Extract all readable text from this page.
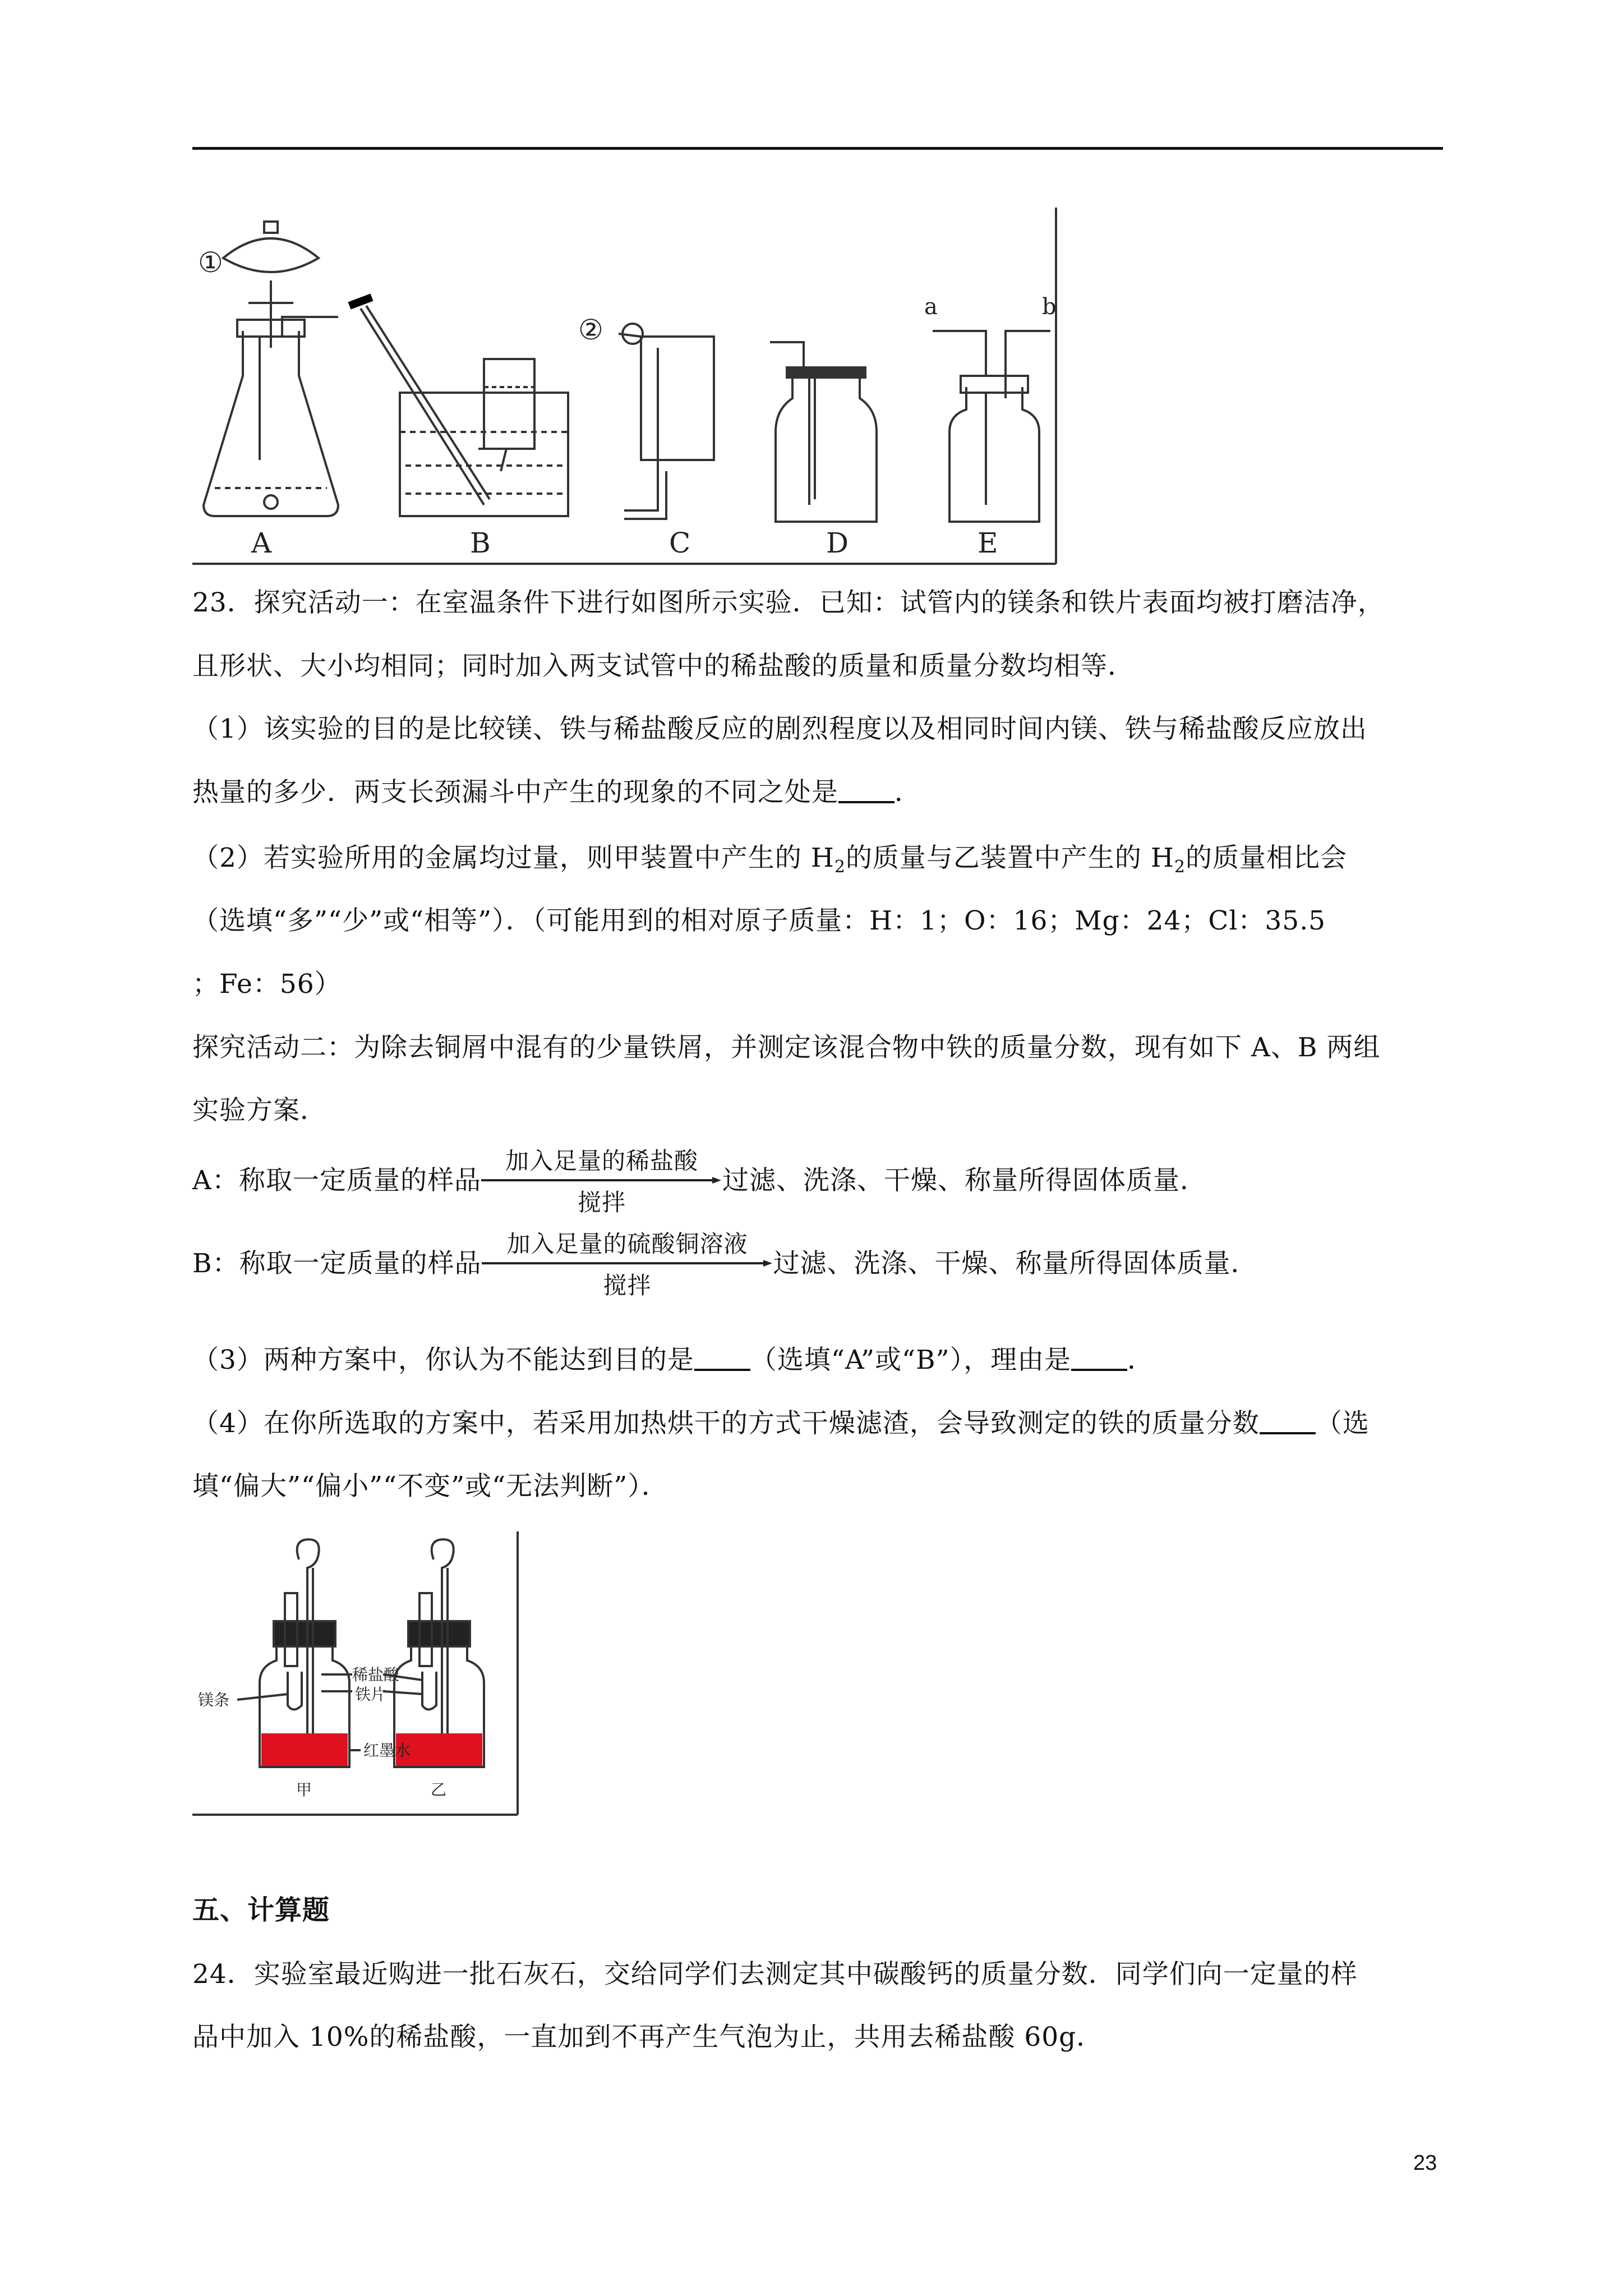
A	B	C	D	E
①
②
a	b
23．探究活动一：在室温条件下进行如图所示实验．已知：试管内的镁条和铁片表面均被打磨洁净，
且形状、大小均相同；同时加入两支试管中的稀盐酸的质量和质量分数均相等．
（1）该实验的目的是比较镁、铁与稀盐酸反应的剧烈程度以及相同时间内镁、铁与稀盐酸反应放出
热量的多少．两支长颈漏斗中产生的现象的不同之处是 ．
（2）若实验所用的金属均过量，则甲装置中产生的 $H_2$的质量与乙装置中产生的 $H_2$的质量相比会
（选填“多”“少”或“相等”）．（可能用到的相对原子质量：H：1；O：16；Mg：24；Cl：35.5
；Fe：56）
探究活动二：为除去铜屑中混有的少量铁屑，并测定该混合物中铁的质量分数，现有如下 A、B 两组
实验方案．
A：称取一定质量的样品
加入足量的稀盐酸
搅拌
过滤、洗涤、干燥、称量所得固体质量．
B：称取一定质量的样品
加入足量的硫酸铜溶液
搅拌
过滤、洗涤、干燥、称量所得固体质量．
（3）两种方案中，你认为不能达到目的是 （选填“A”或“B”），理由是 ．
（4）在你所选取的方案中，若采用加热烘干的方式干燥滤渣，会导致测定的铁的质量分数 （选
填“偏大”“偏小”“不变”或“无法判断”）．
镁条
稀盐酸
铁片
红墨水
甲	乙
五、计算题
24．实验室最近购进一批石灰石，交给同学们去测定其中碳酸钙的质量分数．同学们向一定量的样
品中加入 10%的稀盐酸，一直加到不再产生气泡为止，共用去稀盐酸 60g．
23
